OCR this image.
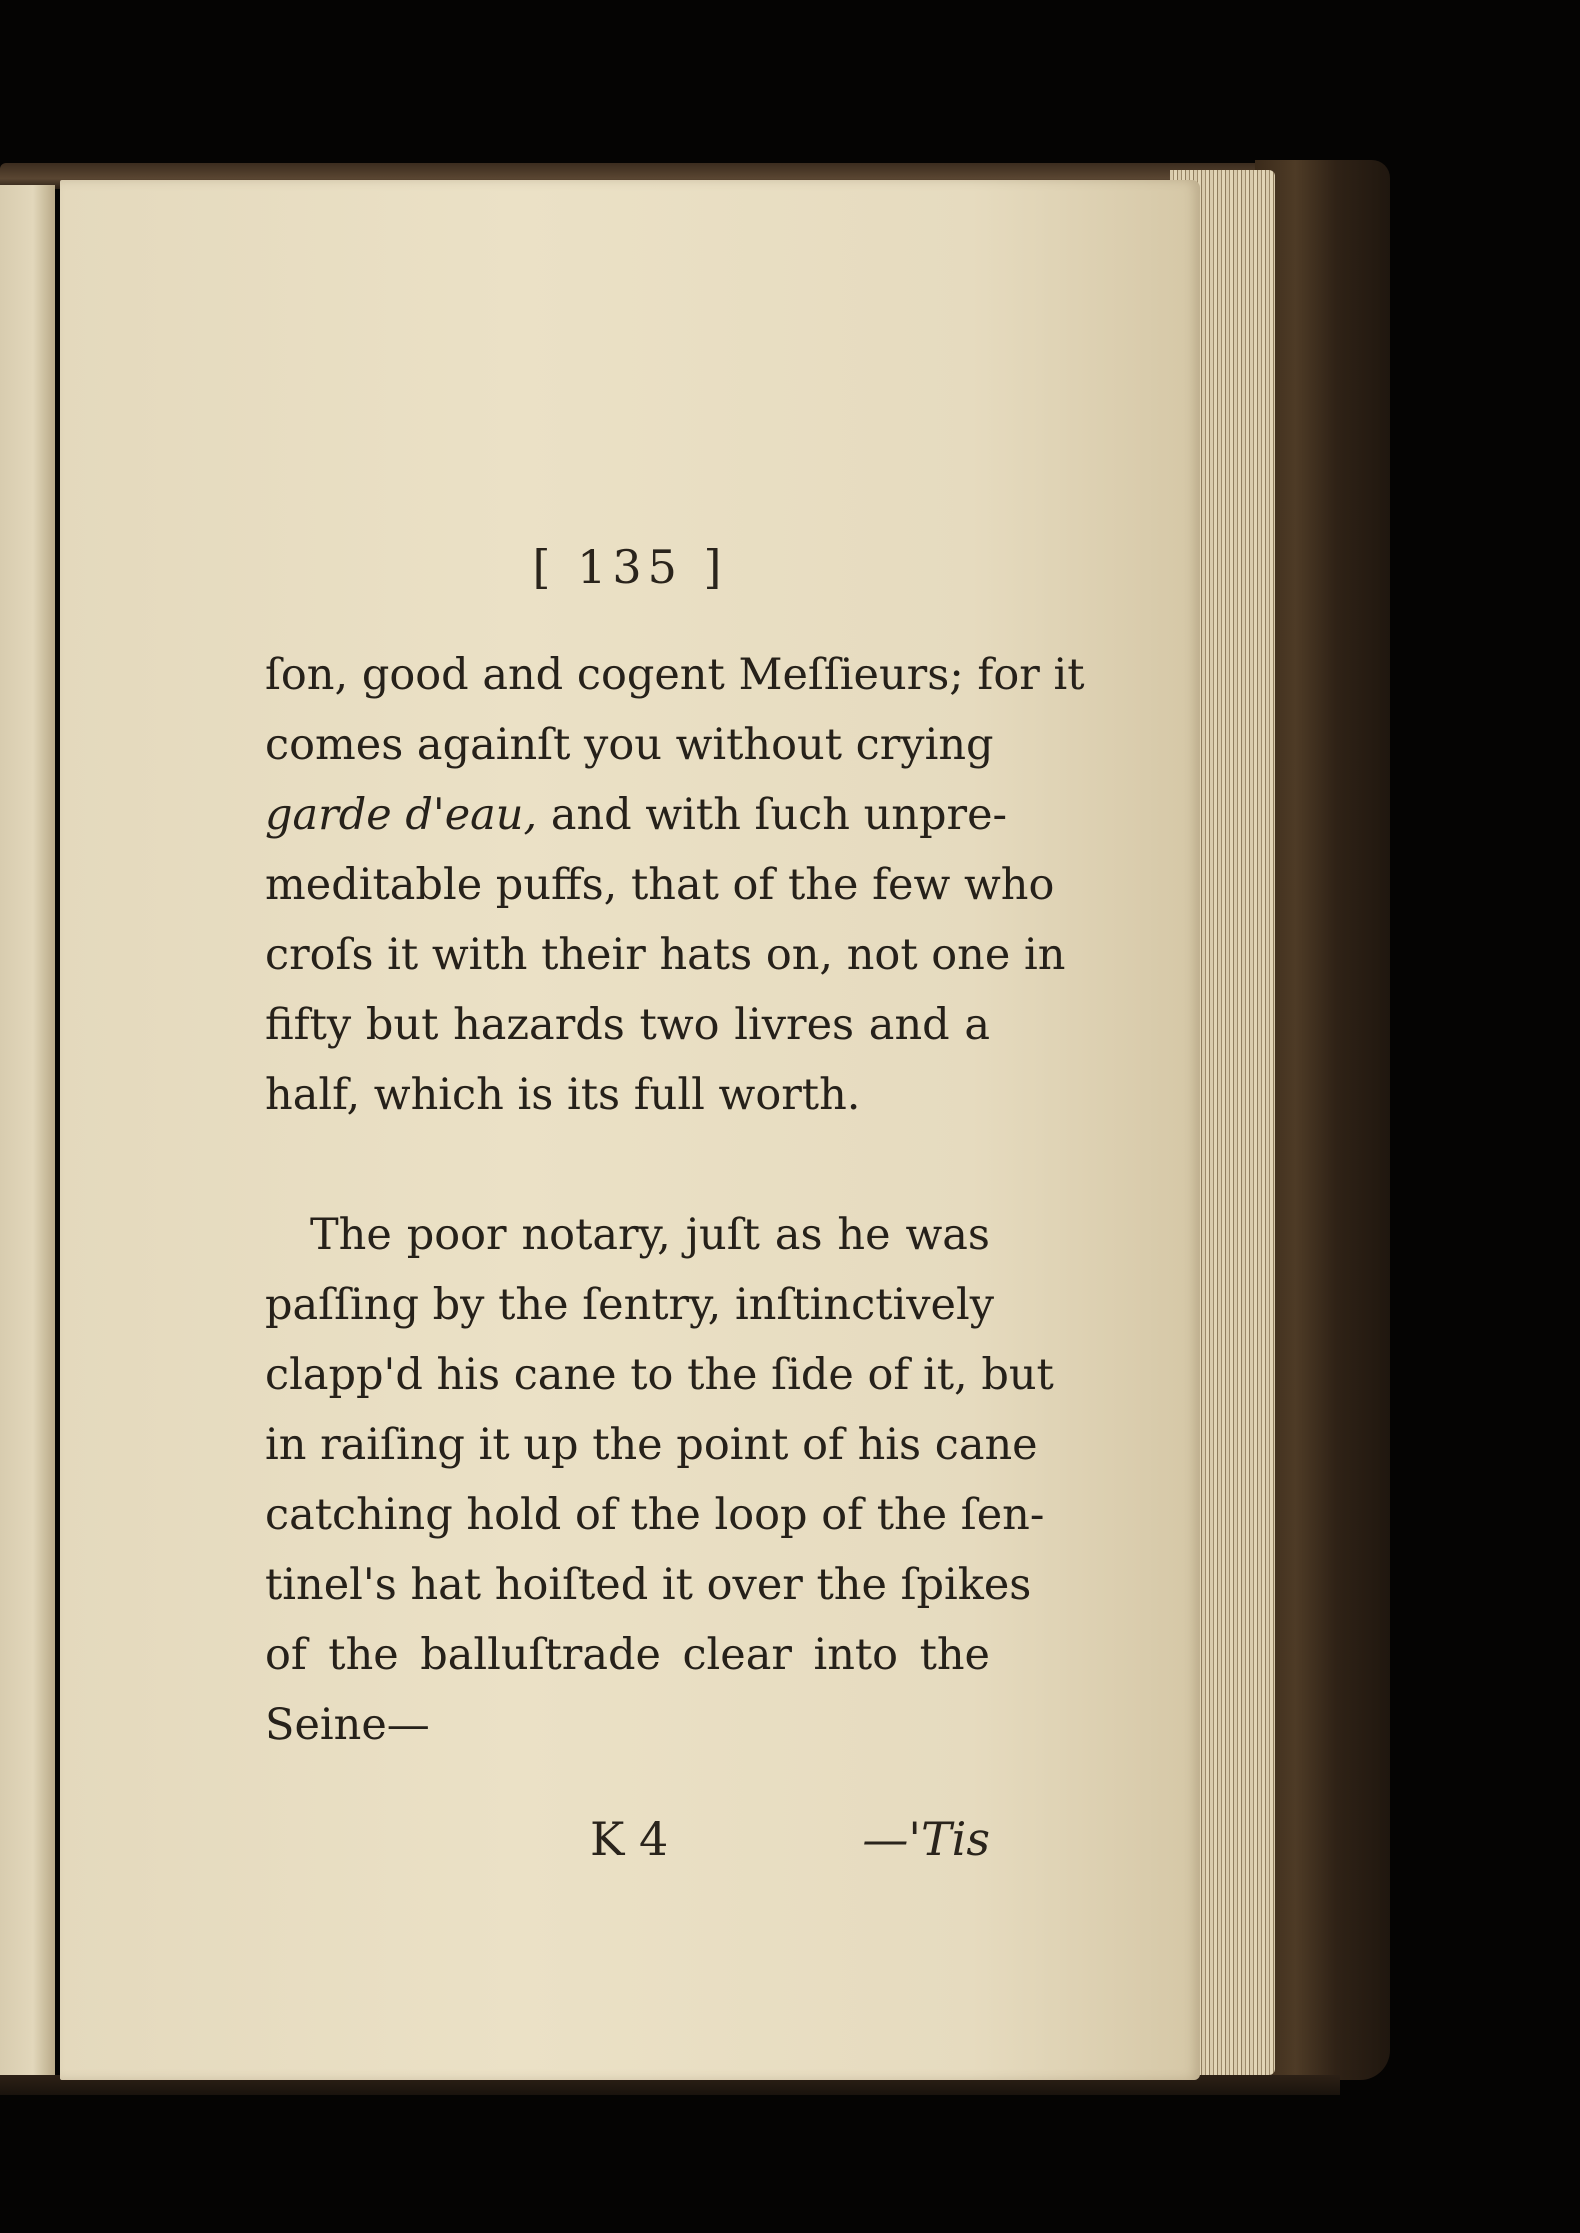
[ 135 ]
ſon, good and cogent Meſſieurs; for it
comes againſt you without crying
garde d'eau, and with ſuch unpre-
meditable puffs, that of the few who
croſs it with their hats on, not one in
fifty but hazards two livres and a
half, which is its full worth.
The poor notary, juſt as he was
paſſing by the ſentry, inſtinctively
clapp'd his cane to the ſide of it, but
in raiſing it up the point of his cane
catching hold of the loop of the ſen-
tinel's hat hoiſted it over the ſpikes
of the balluſtrade clear into the
Seine—
K 4	—'Tis
